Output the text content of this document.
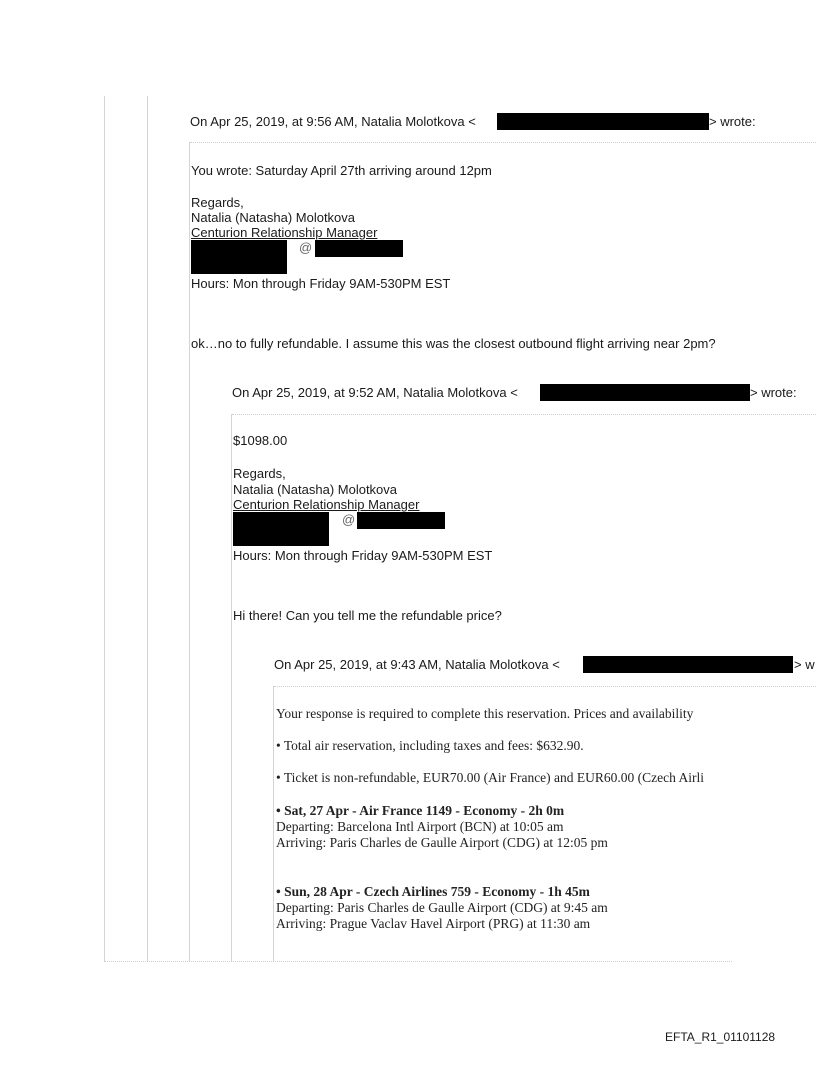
On Apr 25, 2019, at 9:56 AM, Natalia Molotkova <	> wrote:
You wrote: Saturday April 27th arriving around 12pm
Regards,
Natalia (Natasha) Molotkova
Centurion Relationship Manager
@
Hours: Mon through Friday 9AM-530PM EST
ok…no to fully refundable. I assume this was the closest outbound flight arriving near 2pm?
On Apr 25, 2019, at 9:52 AM, Natalia Molotkova <	> wrote:
$1098.00
Regards,
Natalia (Natasha) Molotkova
Centurion Relationship Manager
@
Hours: Mon through Friday 9AM-530PM EST
Hi there! Can you tell me the refundable price?
On Apr 25, 2019, at 9:43 AM, Natalia Molotkova <	> w
Your response is required to complete this reservation. Prices and availability
• Total air reservation, including taxes and fees: $632.90.
• Ticket is non-refundable, EUR70.00 (Air France) and EUR60.00 (Czech Airli
• Sat, 27 Apr - Air France 1149 - Economy - 2h 0m
Departing: Barcelona Intl Airport (BCN) at 10:05 am
Arriving: Paris Charles de Gaulle Airport (CDG) at 12:05 pm
• Sun, 28 Apr - Czech Airlines 759 - Economy - 1h 45m
Departing: Paris Charles de Gaulle Airport (CDG) at 9:45 am
Arriving: Prague Vaclav Havel Airport (PRG) at 11:30 am
EFTA_R1_01101128
